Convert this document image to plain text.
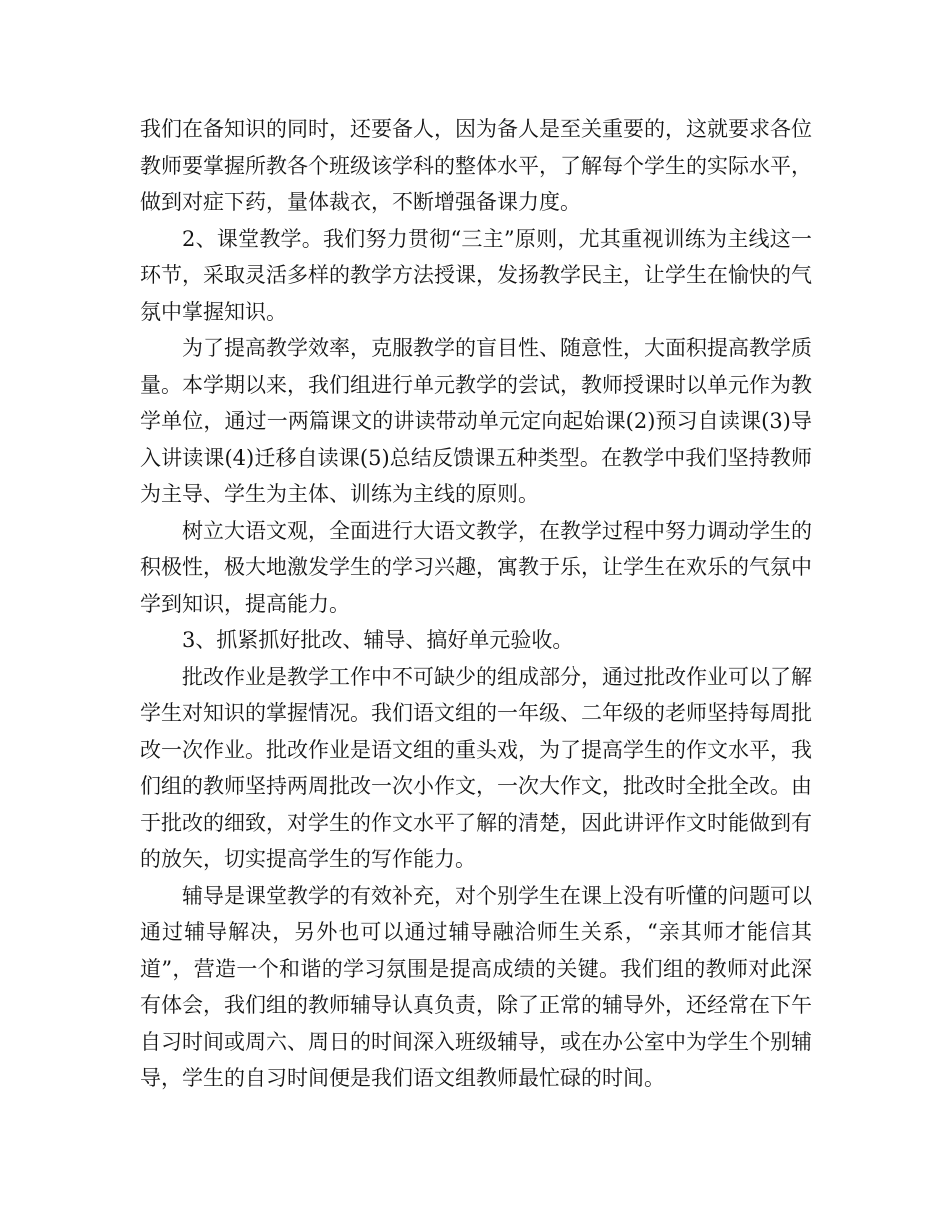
我们在备知识的同时，还要备人，因为备人是至关重要的，这就要求各位教师要掌握所教各个班级该学科的整体水平，了解每个学生的实际水平，做到对症下药，量体裁衣，不断增强备课力度。

2、课堂教学。我们努力贯彻“三主”原则，尤其重视训练为主线这一环节，采取灵活多样的教学方法授课，发扬教学民主，让学生在愉快的气氛中掌握知识。

为了提高教学效率，克服教学的盲目性、随意性，大面积提高教学质量。本学期以来，我们组进行单元教学的尝试，教师授课时以单元作为教学单位，通过一两篇课文的讲读带动单元定向起始课(2)预习自读课(3)导入讲读课(4)迁移自读课(5)总结反馈课五种类型。在教学中我们坚持教师为主导、学生为主体、训练为主线的原则。

树立大语文观，全面进行大语文教学，在教学过程中努力调动学生的积极性，极大地激发学生的学习兴趣，寓教于乐，让学生在欢乐的气氛中学到知识，提高能力。

3、抓紧抓好批改、辅导、搞好单元验收。

批改作业是教学工作中不可缺少的组成部分，通过批改作业可以了解学生对知识的掌握情况。我们语文组的一年级、二年级的老师坚持每周批改一次作业。批改作业是语文组的重头戏，为了提高学生的作文水平，我们组的教师坚持两周批改一次小作文，一次大作文，批改时全批全改。由于批改的细致，对学生的作文水平了解的清楚，因此讲评作文时能做到有的放矢，切实提高学生的写作能力。

辅导是课堂教学的有效补充，对个别学生在课上没有听懂的问题可以通过辅导解决，另外也可以通过辅导融洽师生关系，“亲其师才能信其道”，营造一个和谐的学习氛围是提高成绩的关键。我们组的教师对此深有体会，我们组的教师辅导认真负责，除了正常的辅导外，还经常在下午自习时间或周六、周日的时间深入班级辅导，或在办公室中为学生个别辅导，学生的自习时间便是我们语文组教师最忙碌的时间。
